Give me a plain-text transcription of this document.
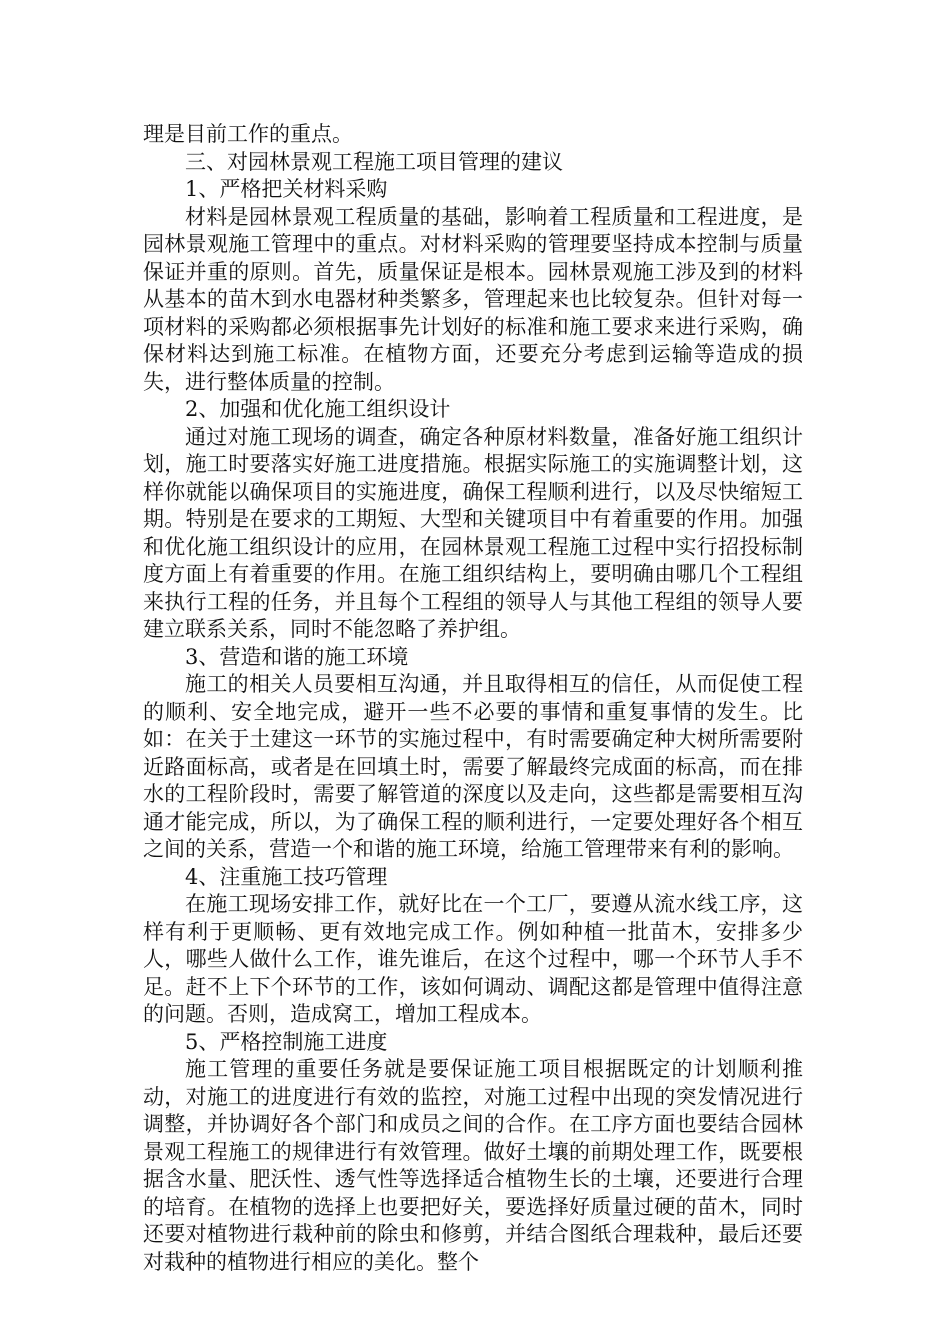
理是目前工作的重点。

三、对园林景观工程施工项目管理的建议

1、严格把关材料采购

材料是园林景观工程质量的基础，影响着工程质量和工程进度，是园林景观施工管理中的重点。对材料采购的管理要坚持成本控制与质量保证并重的原则。首先，质量保证是根本。园林景观施工涉及到的材料从基本的苗木到水电器材种类繁多，管理起来也比较复杂。但针对每一项材料的采购都必须根据事先计划好的标准和施工要求来进行采购，确保材料达到施工标准。在植物方面，还要充分考虑到运输等造成的损失，进行整体质量的控制。

2、加强和优化施工组织设计

通过对施工现场的调查，确定各种原材料数量，准备好施工组织计划，施工时要落实好施工进度措施。根据实际施工的实施调整计划，这样你就能以确保项目的实施进度，确保工程顺利进行，以及尽快缩短工期。特别是在要求的工期短、大型和关键项目中有着重要的作用。加强和优化施工组织设计的应用，在园林景观工程施工过程中实行招投标制度方面上有着重要的作用。在施工组织结构上，要明确由哪几个工程组来执行工程的任务，并且每个工程组的领导人与其他工程组的领导人要建立联系关系，同时不能忽略了养护组。

3、营造和谐的施工环境

施工的相关人员要相互沟通，并且取得相互的信任，从而促使工程的顺利、安全地完成，避开一些不必要的事情和重复事情的发生。比如：在关于土建这一环节的实施过程中，有时需要确定种大树所需要附近路面标高，或者是在回填土时，需要了解最终完成面的标高，而在排水的工程阶段时，需要了解管道的深度以及走向，这些都是需要相互沟通才能完成，所以，为了确保工程的顺利进行，一定要处理好各个相互之间的关系，营造一个和谐的施工环境，给施工管理带来有利的影响。

4、注重施工技巧管理

在施工现场安排工作，就好比在一个工厂，要遵从流水线工序，这样有利于更顺畅、更有效地完成工作。例如种植一批苗木，安排多少人，哪些人做什么工作，谁先谁后，在这个过程中，哪一个环节人手不足。赶不上下个环节的工作，该如何调动、调配这都是管理中值得注意的问题。否则，造成窝工，增加工程成本。

5、严格控制施工进度

施工管理的重要任务就是要保证施工项目根据既定的计划顺利推动，对施工的进度进行有效的监控，对施工过程中出现的突发情况进行调整，并协调好各个部门和成员之间的合作。在工序方面也要结合园林景观工程施工的规律进行有效管理。做好土壤的前期处理工作，既要根据含水量、肥沃性、透气性等选择适合植物生长的土壤，还要进行合理的培育。在植物的选择上也要把好关，要选择好质量过硬的苗木，同时还要对植物进行栽种前的除虫和修剪，并结合图纸合理栽种，最后还要对栽种的植物进行相应的美化。整个
